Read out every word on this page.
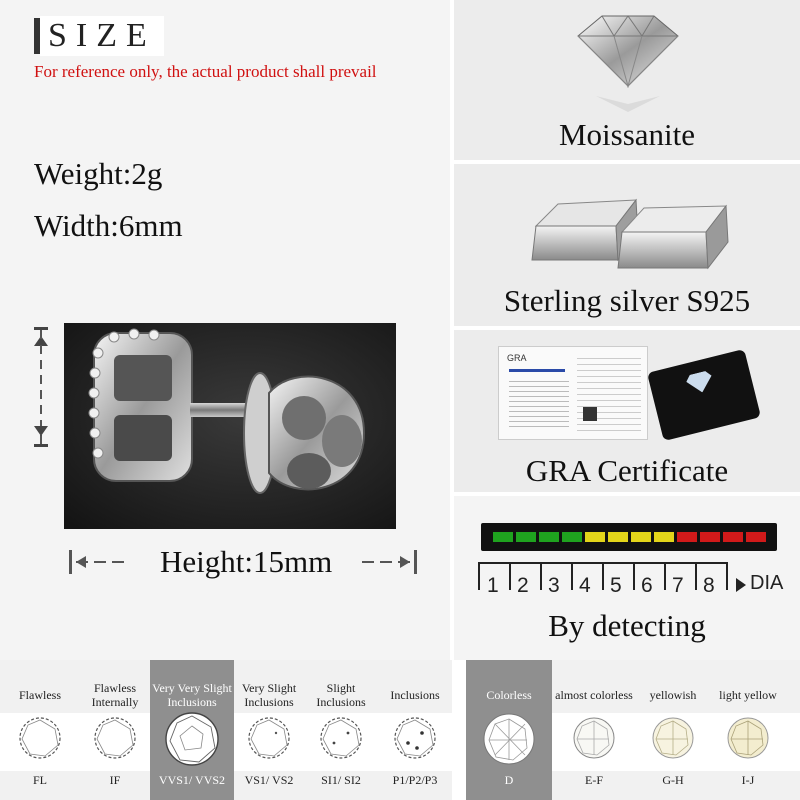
SIZE
For reference only, the actual product shall prevail
Weight:2g
Width:6mm
Height:15mm
Moissanite
Sterling silver S925
GRA
GRA Certificate
By detecting
1 2 3 4 5 6 7 8 DIA
Flawless
FL
Flawless Internally
IF
Very Very Slight Inclusions
VVS1/ VVS2
Very Slight Inclusions
VS1/ VS2
Slight Inclusions
SI1/ SI2
Inclusions
P1/P2/P3
Colorless
D
almost colorless
E-F
yellowish
G-H
light yellow
I-J
